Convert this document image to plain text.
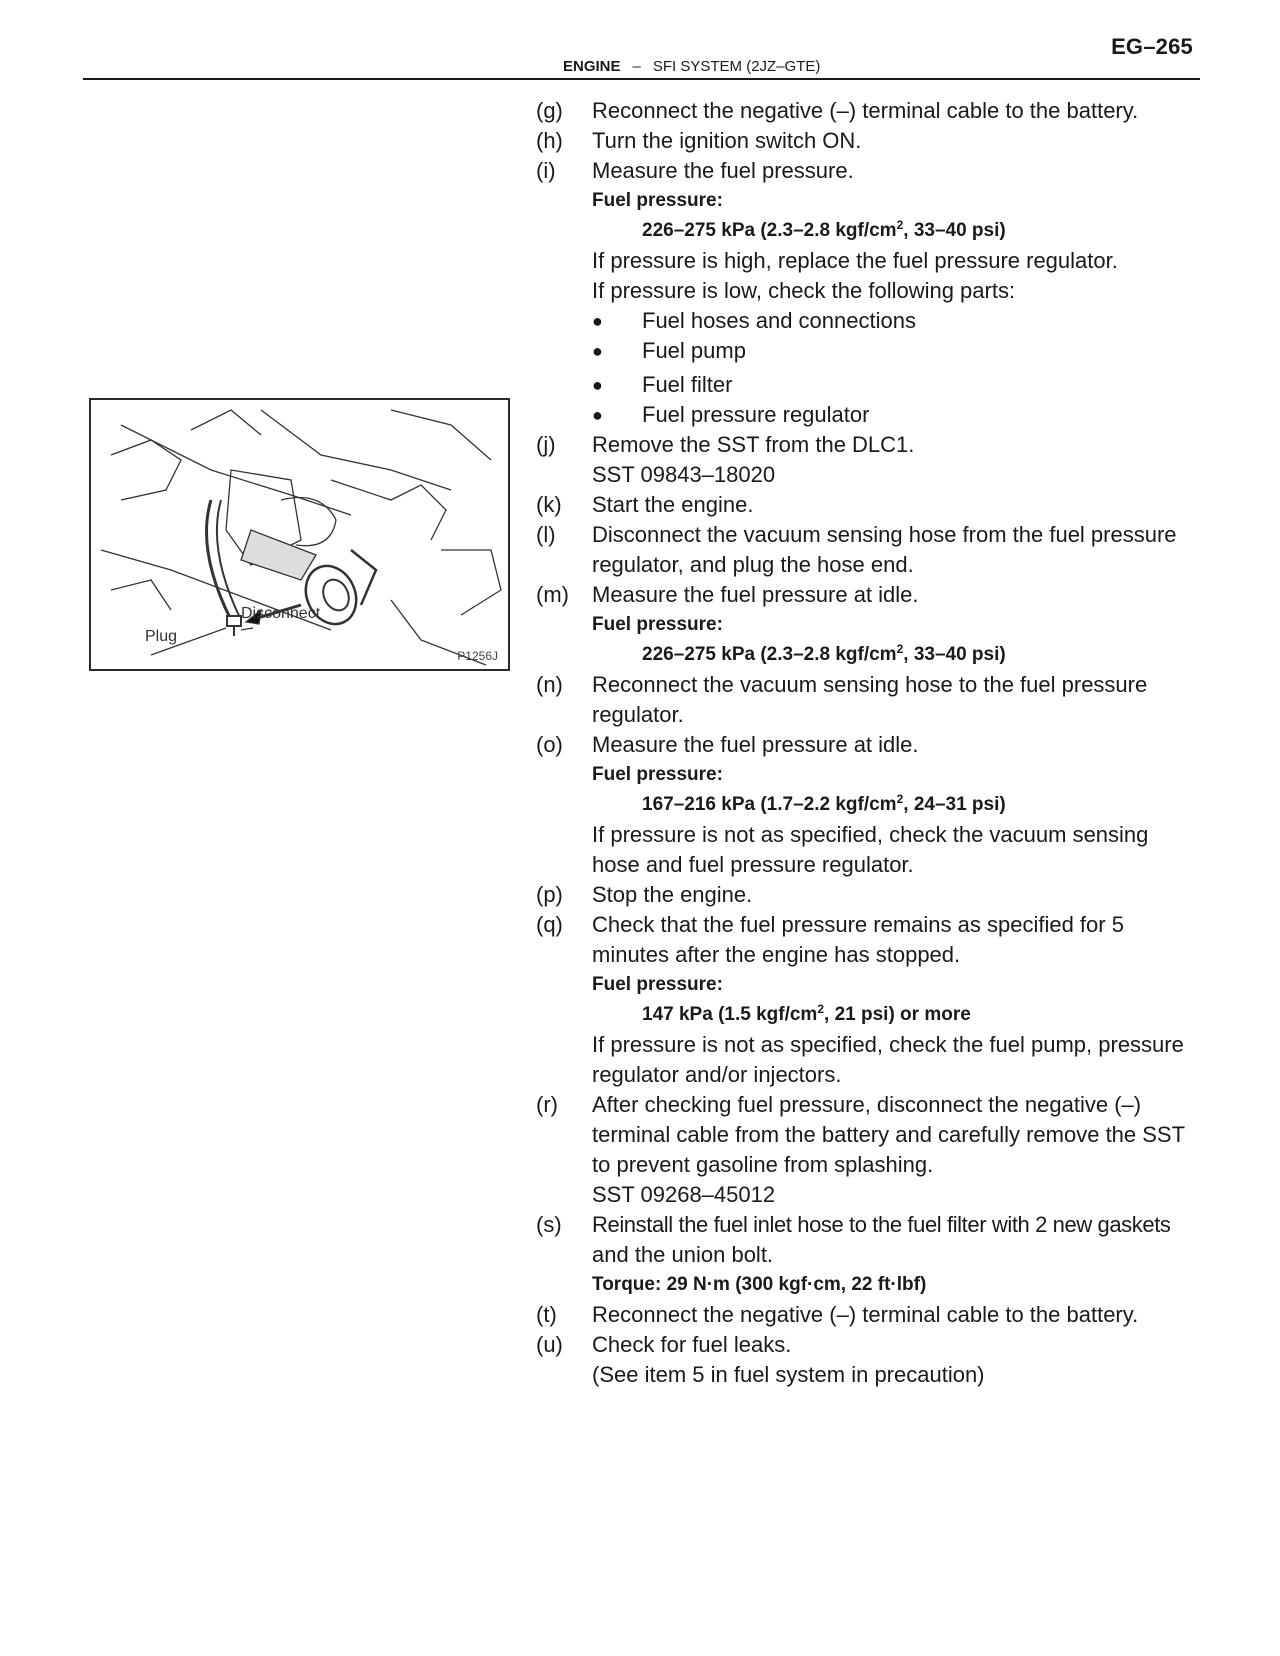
EG–265
ENGINE – SFI SYSTEM (2JZ–GTE)
Plug
Disconnect
P1256J
(g) Reconnect the negative (–) terminal cable to the battery.
(h) Turn the ignition switch ON.
(i) Measure the fuel pressure.
Fuel pressure:
226–275 kPa (2.3–2.8 kgf/$cm^2$, 33–40 psi)
If pressure is high, replace the fuel pressure regulator.
If pressure is low, check the following parts:
● Fuel hoses and connections
● Fuel pump
● Fuel filter
● Fuel pressure regulator
(j) Remove the SST from the DLC1.
SST 09843–18020
(k) Start the engine.
(l) Disconnect the vacuum sensing hose from the fuel pressure
regulator, and plug the hose end.
(m) Measure the fuel pressure at idle.
Fuel pressure:
226–275 kPa (2.3–2.8 kgf/$cm^2$, 33–40 psi)
(n) Reconnect the vacuum sensing hose to the fuel pressure
regulator.
(o) Measure the fuel pressure at idle.
Fuel pressure:
167–216 kPa (1.7–2.2 kgf/$cm^2$, 24–31 psi)
If pressure is not as specified, check the vacuum sensing
hose and fuel pressure regulator.
(p) Stop the engine.
(q) Check that the fuel pressure remains as specified for 5
minutes after the engine has stopped.
Fuel pressure:
147 kPa (1.5 kgf/$cm^2$, 21 psi) or more
If pressure is not as specified, check the fuel pump, pressure
regulator and/or injectors.
(r) After checking fuel pressure, disconnect the negative (–)
terminal cable from the battery and carefully remove the SST
to prevent gasoline from splashing.
SST 09268–45012
(s) Reinstall the fuel inlet hose to the fuel filter with 2 new gaskets
and the union bolt.
Torque: 29 N·m (300 kgf·cm, 22 ft·lbf)
(t) Reconnect the negative (–) terminal cable to the battery.
(u) Check for fuel leaks.
(See item 5 in fuel system in precaution)
